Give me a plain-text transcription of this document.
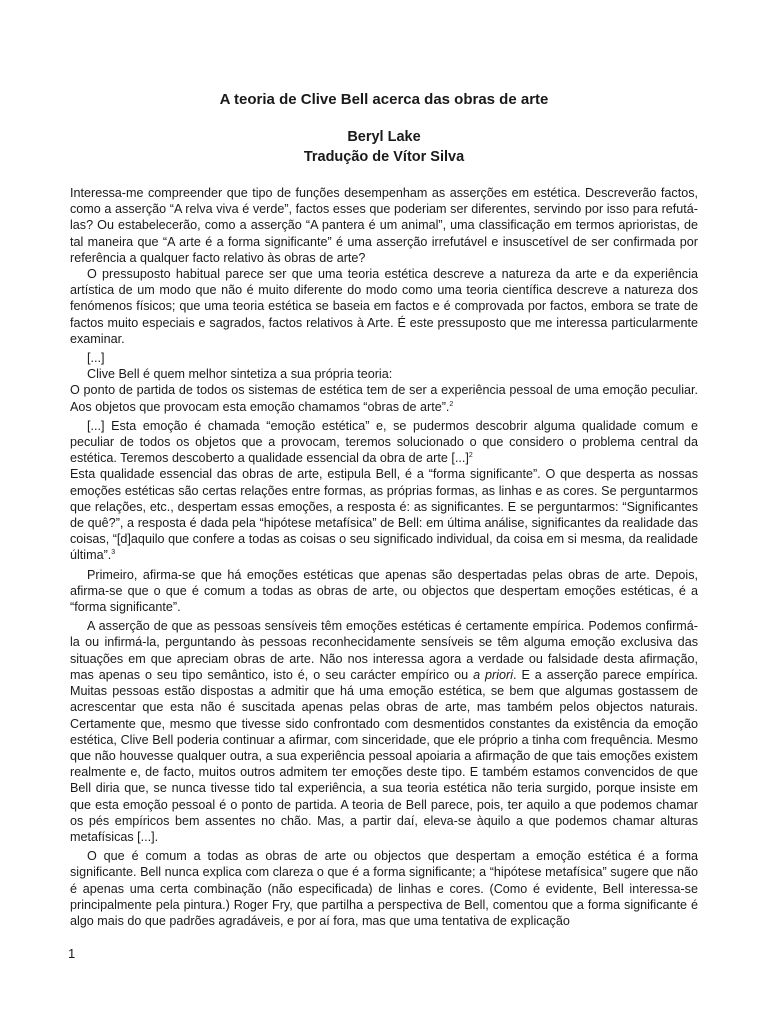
A teoria de Clive Bell acerca das obras de arte
Beryl Lake
Tradução de Vítor Silva

Interessa-me compreender que tipo de funções desempenham as asserções em estética. Descreverão factos, como a asserção “A relva viva é verde”, factos esses que poderiam ser diferentes, servindo por isso para refutá-las? Ou estabelecerão, como a asserção “A pantera é um animal”, uma classificação em termos aprioristas, de tal maneira que “A arte é a forma significante” é uma asserção irrefutável e insuscetível de ser confirmada por referência a qualquer facto relativo às obras de arte?

O pressuposto habitual parece ser que uma teoria estética descreve a natureza da arte e da experiência artística de um modo que não é muito diferente do modo como uma teoria científica descreve a natureza dos fenómenos físicos; que uma teoria estética se baseia em factos e é comprovada por factos, embora se trate de factos muito especiais e sagrados, factos relativos à Arte. É este pressuposto que me interessa particularmente examinar.

[...]

Clive Bell é quem melhor sintetiza a sua própria teoria:

O ponto de partida de todos os sistemas de estética tem de ser a experiência pessoal de uma emoção peculiar. Aos objetos que provocam esta emoção chamamos “obras de arte”.$^2$

[...] Esta emoção é chamada “emoção estética” e, se pudermos descobrir alguma qualidade comum e peculiar de todos os objetos que a provocam, teremos solucionado o que considero o problema central da estética. Teremos descoberto a qualidade essencial da obra de arte [...]$^2$

Esta qualidade essencial das obras de arte, estipula Bell, é a “forma significante”. O que desperta as nossas emoções estéticas são certas relações entre formas, as próprias formas, as linhas e as cores. Se perguntarmos que relações, etc., despertam essas emoções, a resposta é: as significantes. E se perguntarmos: “Significantes de quê?”, a resposta é dada pela “hipótese metafísica” de Bell: em última análise, significantes da realidade das coisas, “[d]aquilo que confere a todas as coisas o seu significado individual, da coisa em si mesma, da realidade última”.$^3$

Primeiro, afirma-se que há emoções estéticas que apenas são despertadas pelas obras de arte. Depois, afirma-se que o que é comum a todas as obras de arte, ou objectos que despertam emoções estéticas, é a “forma significante”.

A asserção de que as pessoas sensíveis têm emoções estéticas é certamente empírica. Podemos confirmá-la ou infirmá-la, perguntando às pessoas reconhecidamente sensíveis se têm alguma emoção exclusiva das situações em que apreciam obras de arte. Não nos interessa agora a verdade ou falsidade desta afirmação, mas apenas o seu tipo semântico, isto é, o seu carácter empírico ou a priori. E a asserção parece empírica. Muitas pessoas estão dispostas a admitir que há uma emoção estética, se bem que algumas gostassem de acrescentar que esta não é suscitada apenas pelas obras de arte, mas também pelos objectos naturais. Certamente que, mesmo que tivesse sido confrontado com desmentidos constantes da existência da emoção estética, Clive Bell poderia continuar a afirmar, com sinceridade, que ele próprio a tinha com frequência. Mesmo que não houvesse qualquer outra, a sua experiência pessoal apoiaria a afirmação de que tais emoções existem realmente e, de facto, muitos outros admitem ter emoções deste tipo. E também estamos convencidos de que Bell diria que, se nunca tivesse tido tal experiência, a sua teoria estética não teria surgido, porque insiste em que esta emoção pessoal é o ponto de partida. A teoria de Bell parece, pois, ter aquilo a que podemos chamar os pés empíricos bem assentes no chão. Mas, a partir daí, eleva-se àquilo a que podemos chamar alturas metafísicas [...].

O que é comum a todas as obras de arte ou objectos que despertam a emoção estética é a forma significante. Bell nunca explica com clareza o que é a forma significante; a “hipótese metafísica” sugere que não é apenas uma certa combinação (não especificada) de linhas e cores. (Como é evidente, Bell interessa-se principalmente pela pintura.) Roger Fry, que partilha a perspectiva de Bell, comentou que a forma significante é algo mais do que padrões agradáveis, e por aí fora, mas que uma tentativa de explicação

1
